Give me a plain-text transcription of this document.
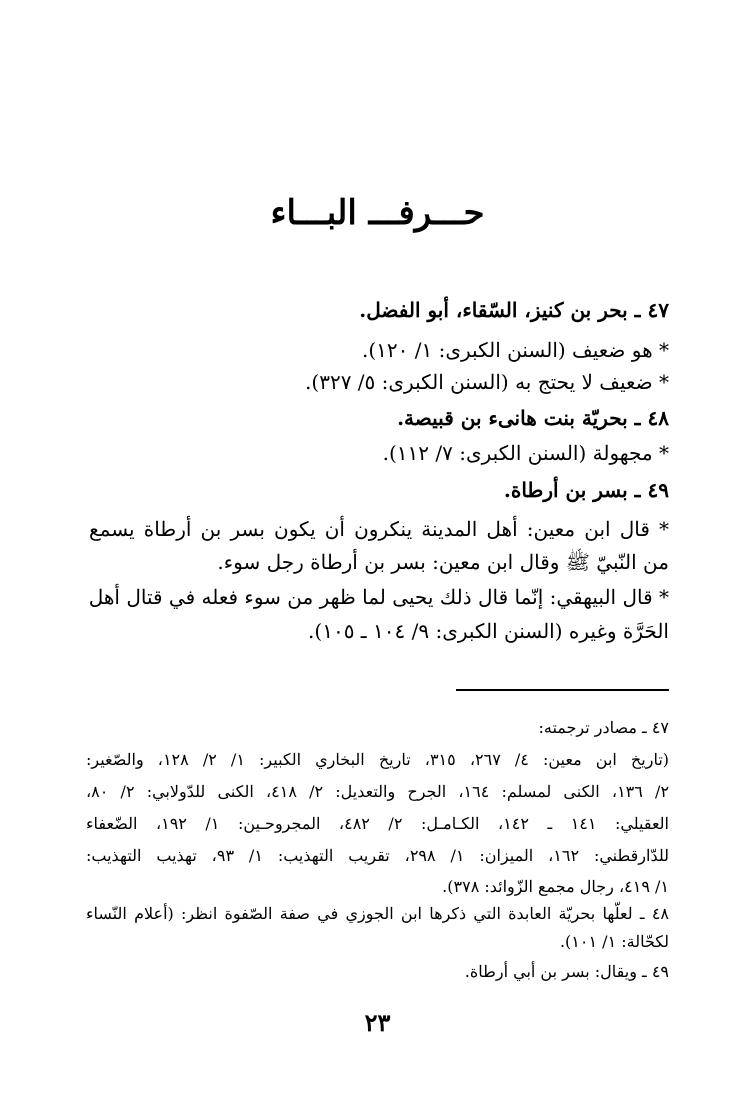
حـــرفـــ البـــاء
٤٧ ـ بحر بن كنيز، السّقاء، أبو الفضل.
* هو ضعيف (السنن الكبرى: ١/ ١٢٠).
* ضعيف لا يحتج به (السنن الكبرى: ٥/ ٣٢٧).
٤٨ ـ بحريّة بنت هانىء بن قبيصة.
* مجهولة (السنن الكبرى: ٧/ ١١٢).
٤٩ ـ بسر بن أرطاة.
* قال ابن معين: أهل المدينة ينكرون أن يكون بسر بن أرطاة يسمع
من النّبيّ ﷺ وقال ابن معين: بسر بن أرطاة رجل سوء.
* قال البيهقي: إنّما قال ذلك يحيى لما ظهر من سوء فعله في قتال أهل
الحَرَّة وغيره (السنن الكبرى: ٩/ ١٠٤ ـ ١٠٥).
٤٧ ـ مصادر ترجمته:
(تاريخ ابن معين: ٤/ ٢٦٧، ٣١٥، تاريخ البخاري الكبير: ١/ ٢/ ١٢٨، والصّغير:
٢/ ١٣٦، الكنى لمسلم: ١٦٤، الجرح والتعديل: ٢/ ٤١٨، الكنى للدّولابي: ٢/ ٨٠،
العقيلي: ١٤١ ـ ١٤٢، الكـامـل: ٢/ ٤٨٢، المجروحـين: ١/ ١٩٢، الضّعفاء
للدّارقطني: ١٦٢، الميزان: ١/ ٢٩٨، تقريب التهذيب: ١/ ٩٣، تهذيب التهذيب:
١/ ٤١٩، رجال مجمع الزّوائد: ٣٧٨).
٤٨ ـ لعلّها بحريّة العابدة التي ذكرها ابن الجوزي في صفة الصّفوة انظر: (أعلام النّساء
لكحّالة: ١/ ١٠١).
٤٩ ـ ويقال: بسر بن أبي أرطاة.
٢٣
